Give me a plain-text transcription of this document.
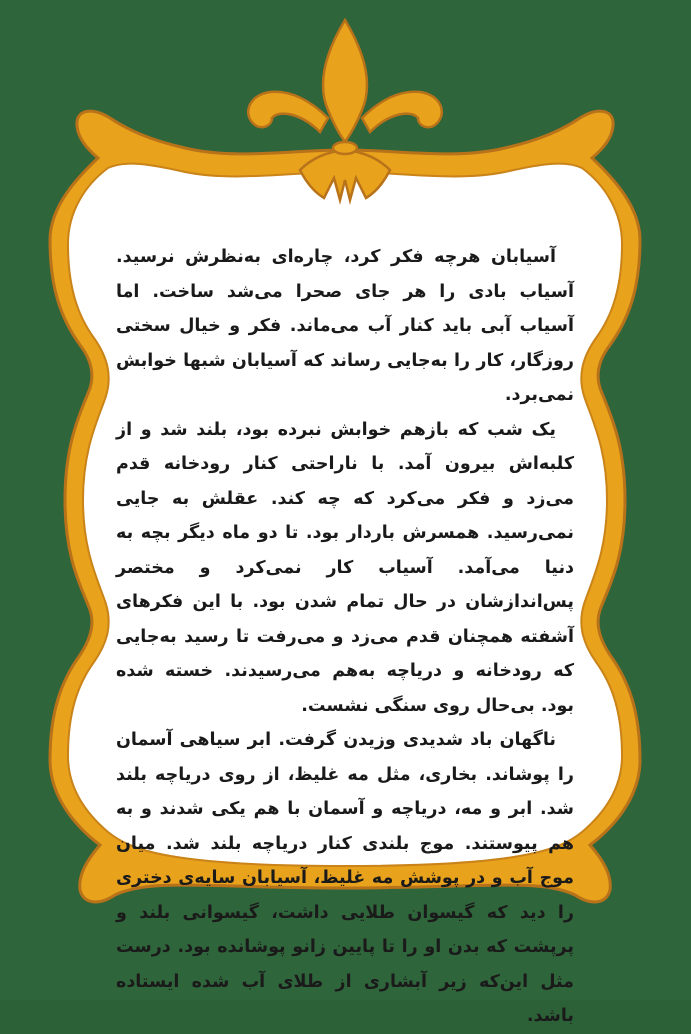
آسیابان هرچه فکر کرد، چاره‌ای به‌نظرش نرسید. آسیاب بادی را هر جای صحرا می‌شد ساخت. اما آسیاب آبی باید کنار آب می‌ماند. فکر و خیال سختی روزگار، کار را به‌جایی رساند که آسیابان شبها خوابش نمی‌برد.

یک شب که بازهم خوابش نبرده بود، بلند شد و از کلبه‌اش بیرون آمد. با ناراحتی کنار رودخانه قدم می‌زد و فکر می‌کرد که چه کند. عقلش به جایی نمی‌رسید. همسرش باردار بود. تا دو ماه دیگر بچه به دنیا می‌آمد. آسیاب کار نمی‌کرد و مختصر پس‌اندازشان در حال تمام شدن بود. با این فکرهای آشفته همچنان قدم می‌زد و می‌رفت تا رسید به‌جایی که رودخانه و دریاچه به‌هم می‌رسیدند. خسته شده بود. بی‌حال روی سنگی نشست.

ناگهان باد شدیدی وزیدن گرفت. ابر سیاهی آسمان را پوشاند. بخاری، مثل مه غلیظ، از روی دریاچه بلند شد. ابر و مه، دریاچه و آسمان با هم یکی شدند و به هم پیوستند. موج بلندی کنار دریاچه بلند شد. میان موج آب و در پوشش مه غلیظ، آسیابان سایه‌ی دختری را دید که گیسوان طلایی داشت، گیسوانی بلند و پرپشت که بدن او را تا پایین زانو پوشانده بود. درست مثل این‌که زیر آبشاری از طلای آب شده ایستاده باشد.
